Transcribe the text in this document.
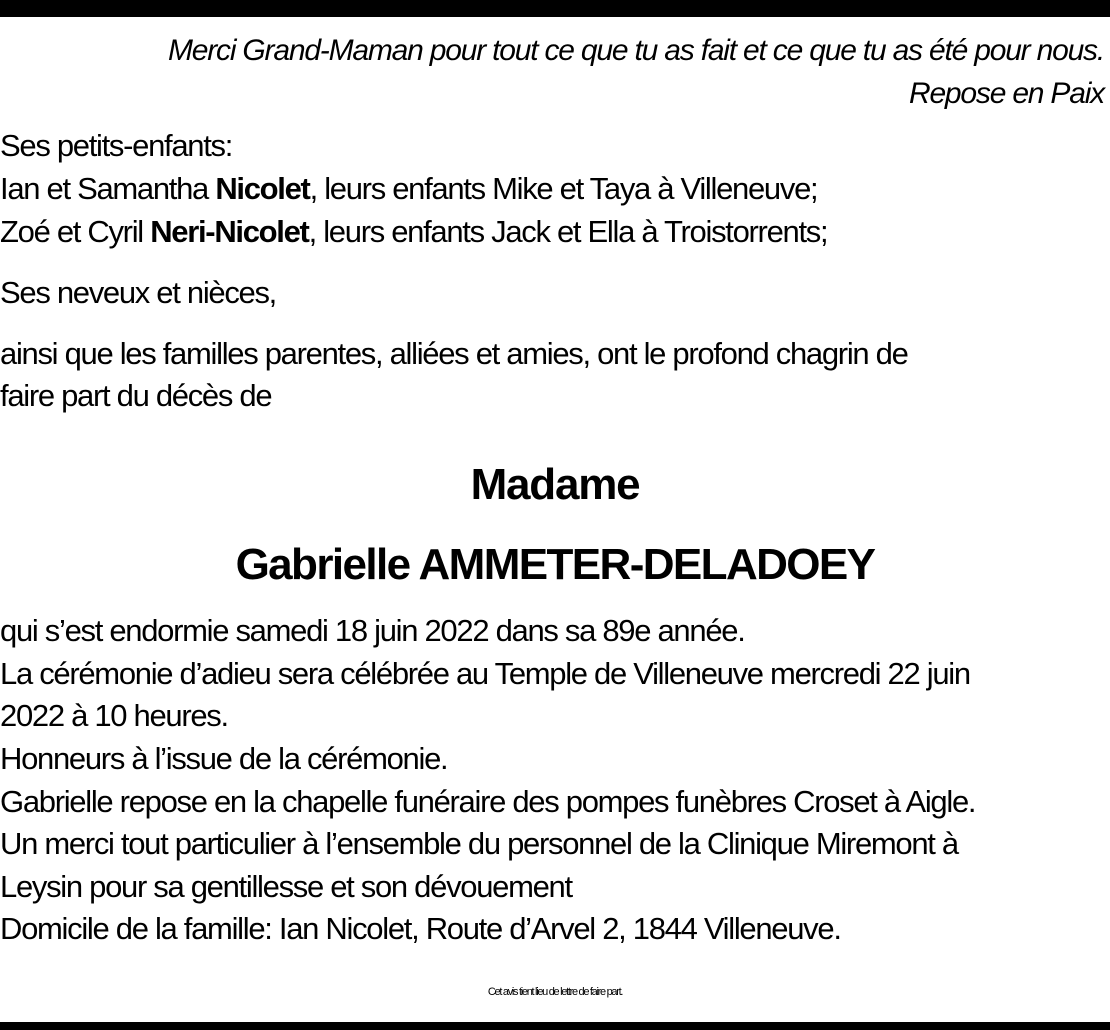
Merci Grand-Maman pour tout ce que tu as fait et ce que tu as été pour nous.
Repose en Paix
Ses petits-enfants:
Ian et Samantha Nicolet, leurs enfants Mike et Taya à Villeneuve;
Zoé et Cyril Neri-Nicolet, leurs enfants Jack et Ella à Troistorrents;
Ses neveux et nièces,
ainsi que les familles parentes, alliées et amies, ont le profond chagrin de
faire part du décès de
Madame
Gabrielle AMMETER-DELADOEY
qui s’est endormie samedi 18 juin 2022 dans sa 89e année.
La cérémonie d’adieu sera célébrée au Temple de Villeneuve mercredi 22 juin
2022 à 10 heures.
Honneurs à l’issue de la cérémonie.
Gabrielle repose en la chapelle funéraire des pompes funèbres Croset à Aigle.
Un merci tout particulier à l’ensemble du personnel de la Clinique Miremont à
Leysin pour sa gentillesse et son dévouement
Domicile de la famille: Ian Nicolet, Route d’Arvel 2, 1844 Villeneuve.
Cet avis tient lieu de lettre de faire part.
